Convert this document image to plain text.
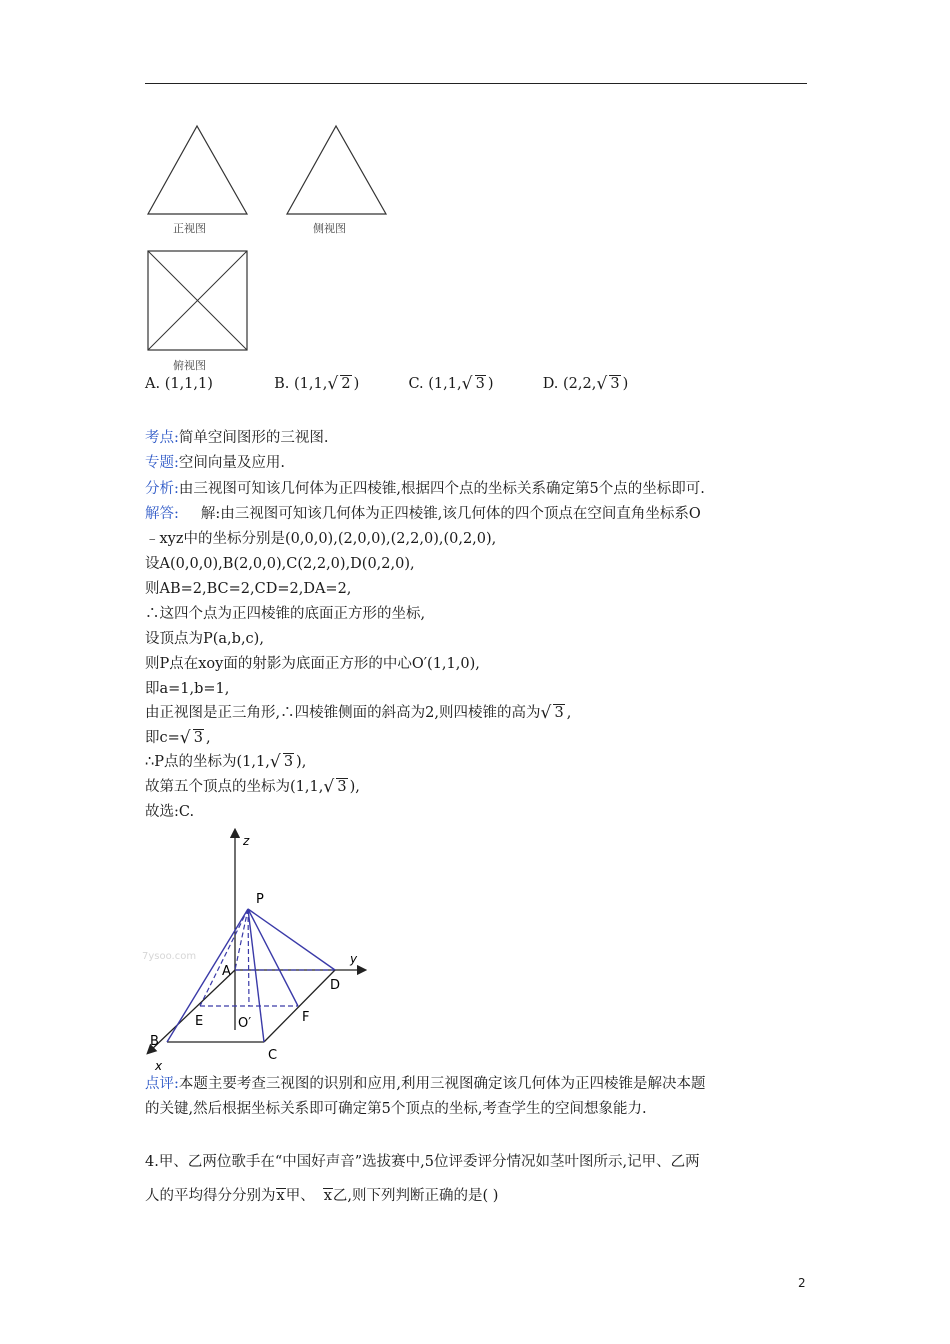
正视图	侧视图
俯视图
A. (1,1,1)	B. (1,1, √ 2 )	C. (1,1, √ 3 )	D. (2,2, √ 3 )
考点:简单空间图形的三视图.
专题:空间向量及应用.
分析:由三视图可知该几何体为正四棱锥,根据四个点的坐标关系确定第5个点的坐标即可.
解答: 解:由三视图可知该几何体为正四棱锥,该几何体的四个顶点在空间直角坐标系O
﹣xyz中的坐标分别是(0,0,0),(2,0,0),(2,2,0),(0,2,0),
设A(0,0,0),B(2,0,0),C(2,2,0),D(0,2,0),
则AB=2,BC=2,CD=2,DA=2,
∴这四个点为正四棱锥的底面正方形的坐标,
设顶点为P(a,b,c),
则P点在xoy面的射影为底面正方形的中心O′(1,1,0),
即a=1,b=1,
由正视图是正三角形,∴四棱锥侧面的斜高为2,则四棱锥的高为 √ 3 ,
即c= √ 3 ,
∴P点的坐标为(1,1, √ 3 ),
故第五个顶点的坐标为(1,1, √ 3 ),
故选:C.
7ysoo.com
z
y
x
P
A
B
C
D
E	F
O′
点评:本题主要考查三视图的识别和应用,利用三视图确定该几何体为正四棱锥是解决本题
的关键,然后根据坐标关系即可确定第5个顶点的坐标,考查学生的空间想象能力.
4.甲、乙两位歌手在“中国好声音”选拔赛中,5位评委评分情况如茎叶图所示,记甲、乙两
人的平均得分分别为x甲、 x乙,则下列判断正确的是( )
2
